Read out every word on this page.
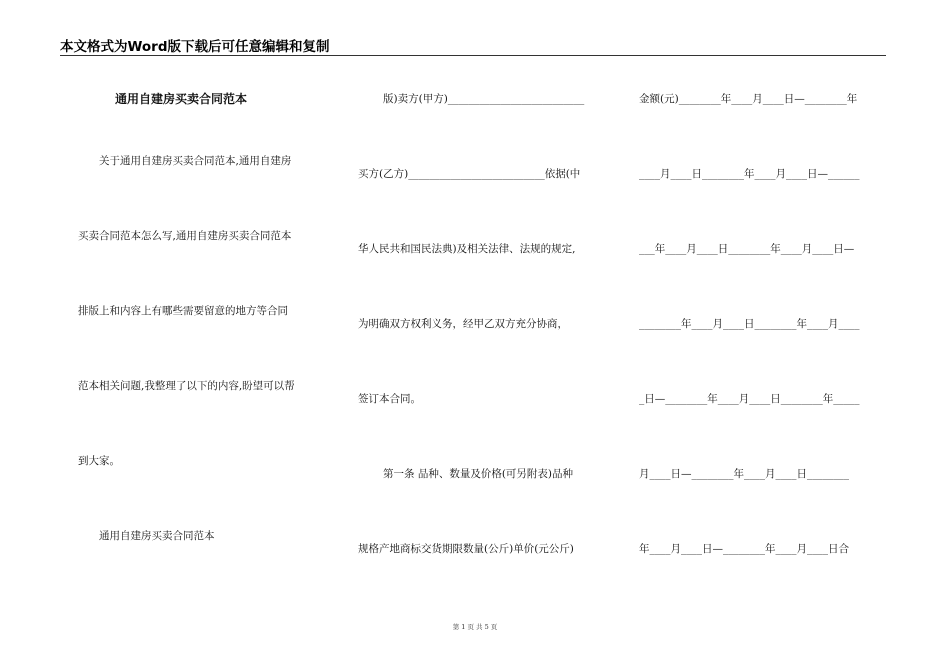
本文格式为Word版下载后可任意编辑和复制
通用自建房买卖合同范本
关于通用自建房买卖合同范本,通用自建房
买卖合同范本怎么写,通用自建房买卖合同范本
排版上和内容上有哪些需要留意的地方等合同
范本相关问题,我整理了以下的内容,盼望可以帮
到大家。
通用自建房买卖合同范本
版)卖方(甲方)__________________________
买方(乙方)__________________________依据(中
华人民共和国民法典)及相关法律、法规的规定,
为明确双方权利义务，经甲乙双方充分协商，
签订本合同。
第一条 品种、数量及价格(可另附表)品种
规格产地商标交货期限数量(公斤)单价(元公斤)
金额(元)________年____月____日—________年
____月____日________年____月____日—______
___年____月____日________年____月____日—
________年____月____日________年____月____
_日—________年____月____日________年_____
月____日—________年____月____日________
年____月____日—________年____月____日合
第 1 页 共 5 页
